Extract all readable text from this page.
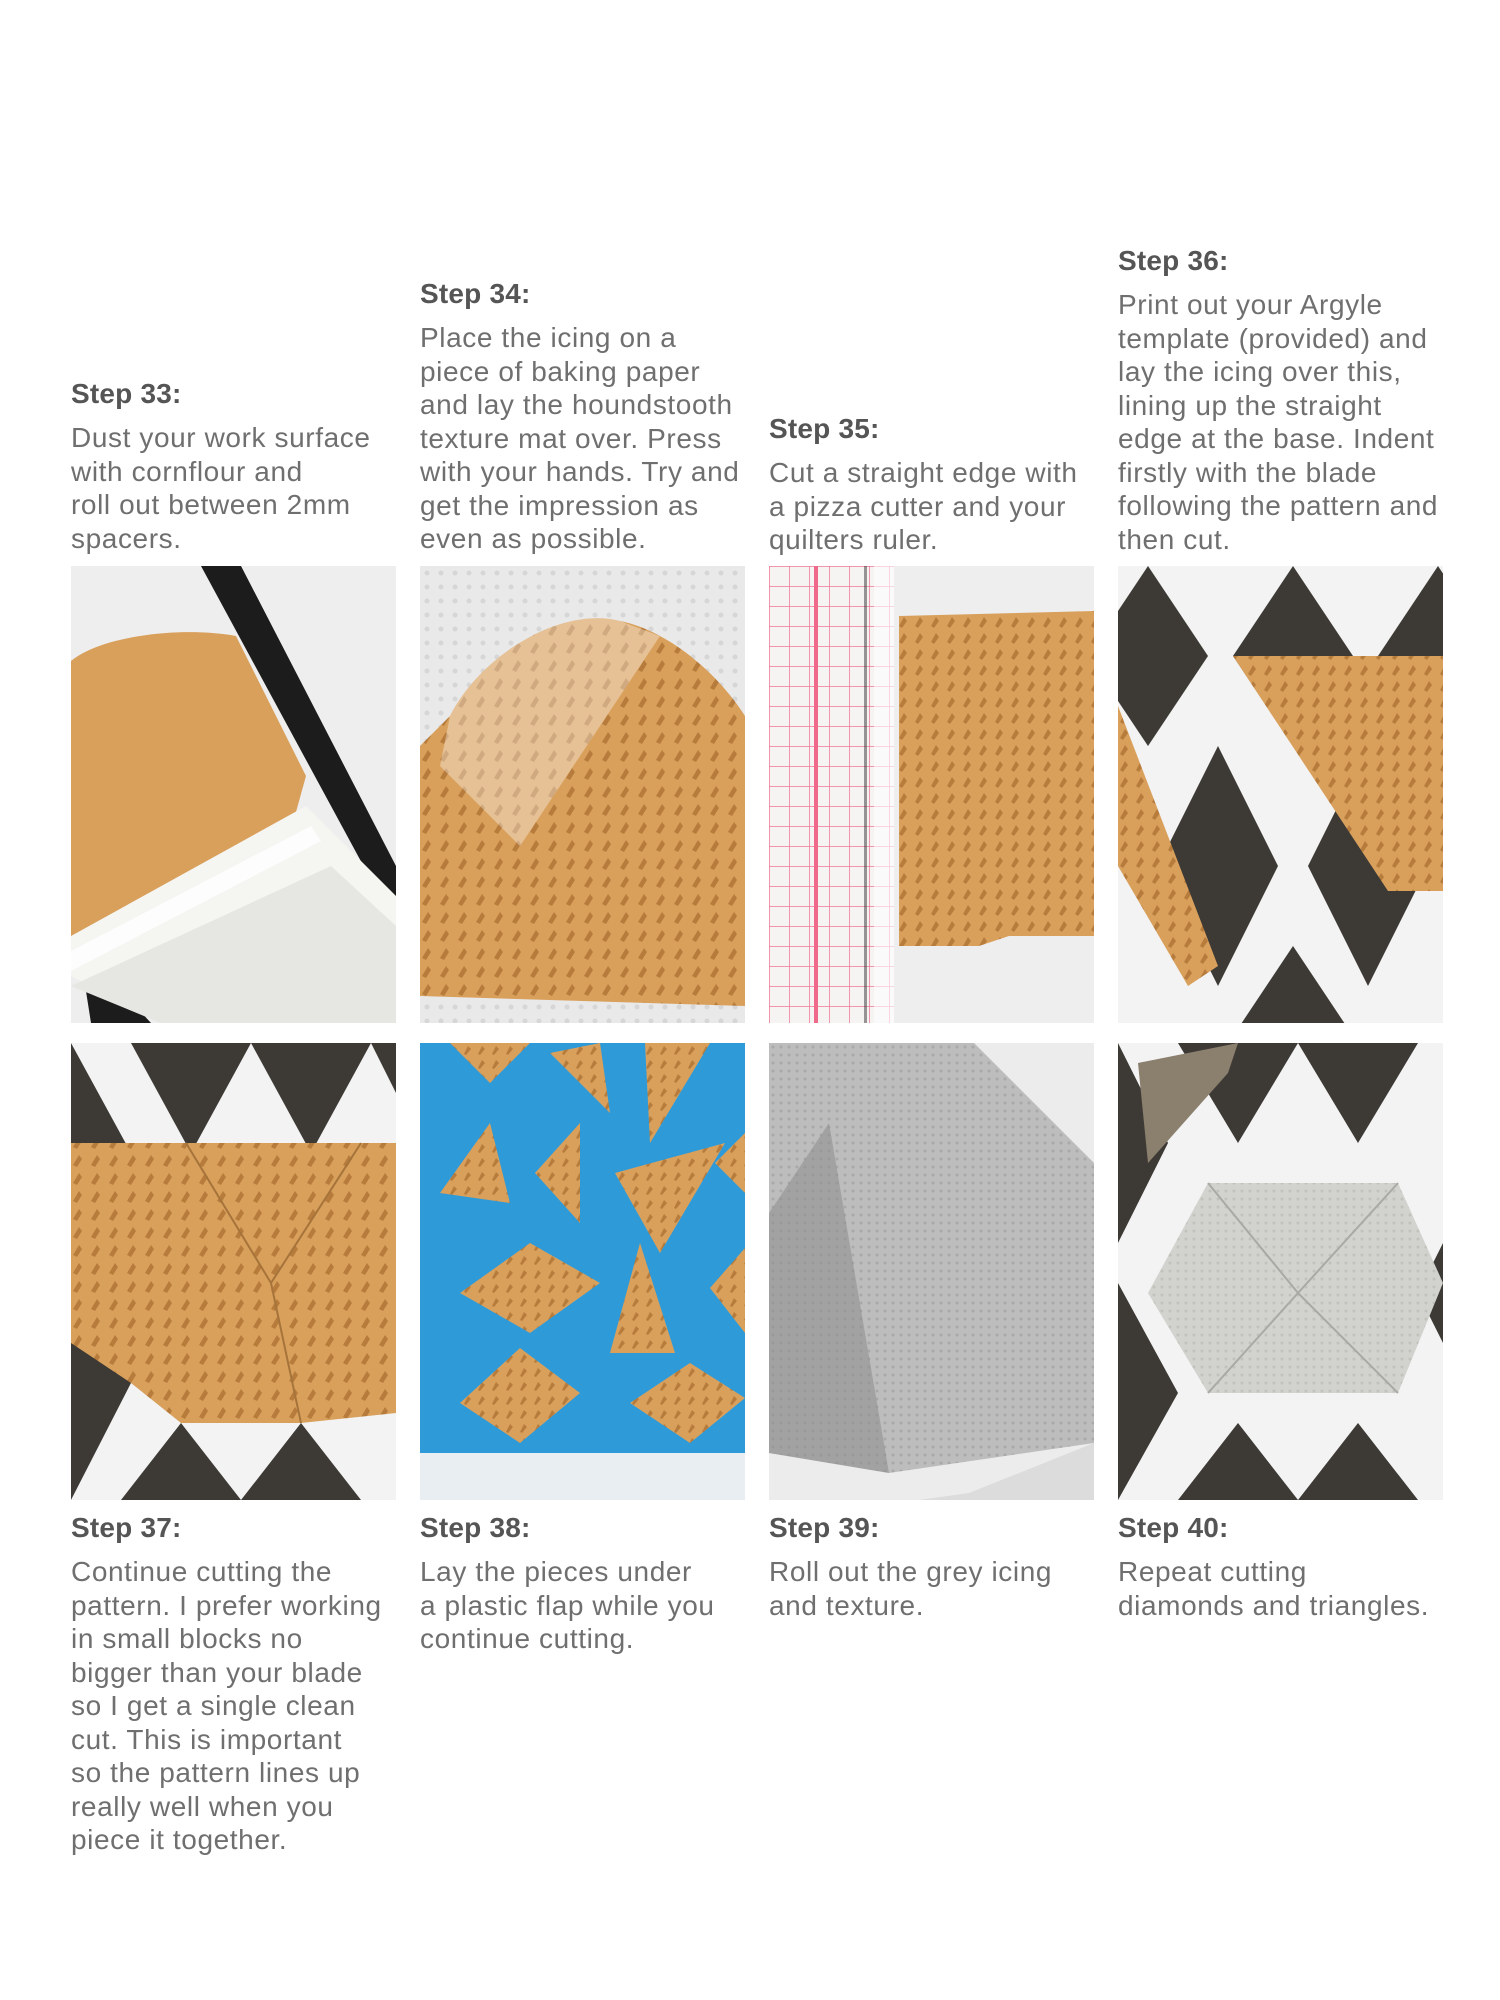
Step 33:

Dust your work surface
with cornflour and
roll out between 2mm
spacers.

Step 34:

Place the icing on a
piece of baking paper
and lay the houndstooth
texture mat over. Press
with your hands. Try and
get the impression as
even as possible.

Step 35:

Cut a straight edge with
a pizza cutter and your
quilters ruler.

Step 36:

Print out your Argyle
template (provided) and
lay the icing over this,
lining up the straight
edge at the base. Indent
firstly with the blade
following the pattern and
then cut.

Step 37:

Continue cutting the
pattern. I prefer working
in small blocks no
bigger than your blade
so I get a single clean
cut. This is important
so the pattern lines up
really well when you
piece it together.

Step 38:

Lay the pieces under
a plastic flap while you
continue cutting.

Step 39:

Roll out the grey icing
and texture.

Step 40:

Repeat cutting
diamonds and triangles.
